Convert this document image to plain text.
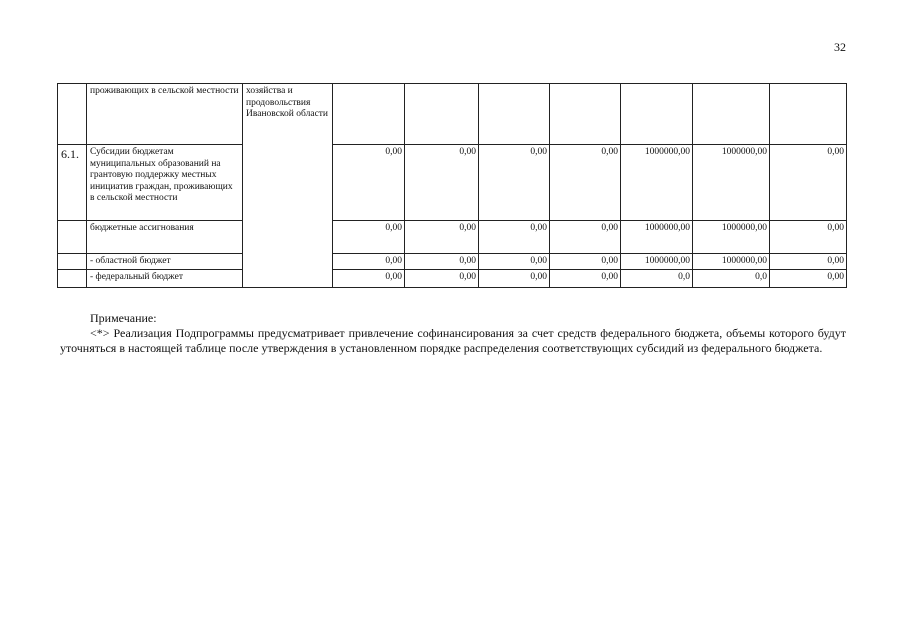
32
	проживающих в сельской местности	хозяйства и продовольствия Ивановской области							
6.1.	Субсидии бюджетам муниципальных образований на грантовую поддержку местных инициатив граждан, проживающих в сельской местности		0,00	0,00	0,00	0,00	1000000,00	1000000,00	0,00
	бюджетные ассигнования		0,00	0,00	0,00	0,00	1000000,00	1000000,00	0,00
	- областной бюджет		0,00	0,00	0,00	0,00	1000000,00	1000000,00	0,00
	- федеральный бюджет		0,00	0,00	0,00	0,00	0,0	0,0	0,00
Примечание:
<*> Реализация Подпрограммы предусматривает привлечение софинансирования за счет средств федерального бюджета, объемы которого будут уточняться в настоящей таблице после утверждения в установленном порядке распределения соответствующих субсидий из федерального бюджета.
